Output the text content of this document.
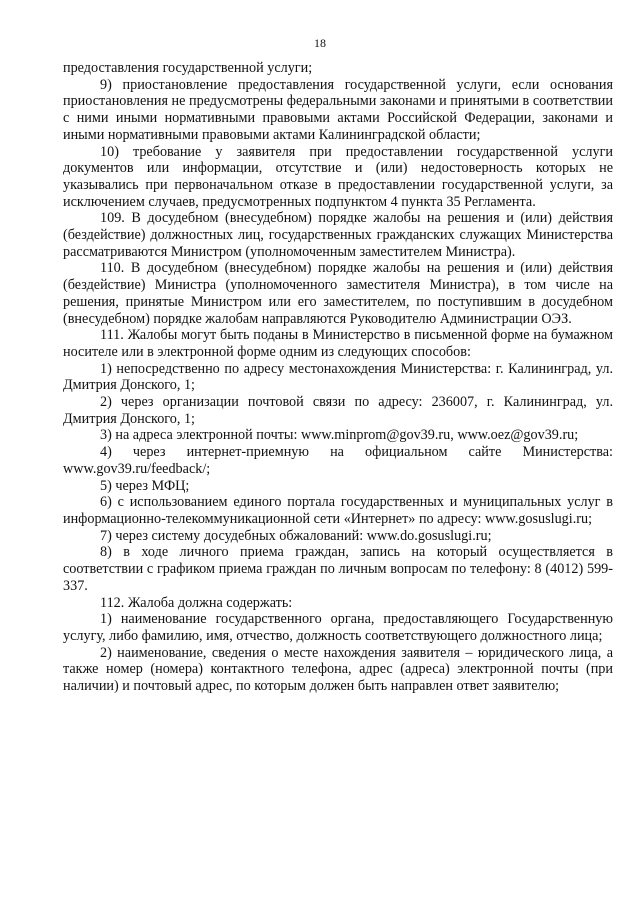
18

предоставления государственной услуги;

9) приостановление предоставления государственной услуги, если основания приостановления не предусмотрены федеральными законами и принятыми в соответствии с ними иными нормативными правовыми актами Российской Федерации, законами и иными нормативными правовыми актами Калининградской области;

10) требование у заявителя при предоставлении государственной услуги документов или информации, отсутствие и (или) недостоверность которых не указывались при первоначальном отказе в предоставлении государственной услуги, за исключением случаев, предусмотренных подпунктом 4 пункта 35 Регламента.

109. В досудебном (внесудебном) порядке жалобы на решения и (или) действия (бездействие) должностных лиц, государственных гражданских служащих Министерства рассматриваются Министром (уполномоченным заместителем Министра).

110. В досудебном (внесудебном) порядке жалобы на решения и (или) действия (бездействие) Министра (уполномоченного заместителя Министра), в том числе на решения, принятые Министром или его заместителем, по поступившим в досудебном (внесудебном) порядке жалобам направляются Руководителю Администрации ОЭЗ.

111. Жалобы могут быть поданы в Министерство в письменной форме на бумажном носителе или в электронной форме одним из следующих способов:

1) непосредственно по адресу местонахождения Министерства: г. Калининград, ул. Дмитрия Донского, 1;

2) через организации почтовой связи по адресу: 236007, г. Калининград, ул. Дмитрия Донского, 1;

3) на адреса электронной почты: www.minprom@gov39.ru, www.oez@gov39.ru;

4) через интернет-приемную на официальном сайте Министерства: www.gov39.ru/feedback/;

5) через МФЦ;

6) с использованием единого портала государственных и муниципальных услуг в информационно-телекоммуникационной сети «Интернет» по адресу: www.gosuslugi.ru;

7) через систему досудебных обжалований: www.do.gosuslugi.ru;

8) в ходе личного приема граждан, запись на который осуществляется в соответствии с графиком приема граждан по личным вопросам по телефону: 8 (4012) 599-337.

112. Жалоба должна содержать:

1) наименование государственного органа, предоставляющего Государственную услугу, либо фамилию, имя, отчество, должность соответствующего должностного лица;

2) наименование, сведения о месте нахождения заявителя – юридического лица, а также номер (номера) контактного телефона, адрес (адреса) электронной почты (при наличии) и почтовый адрес, по которым должен быть направлен ответ заявителю;
